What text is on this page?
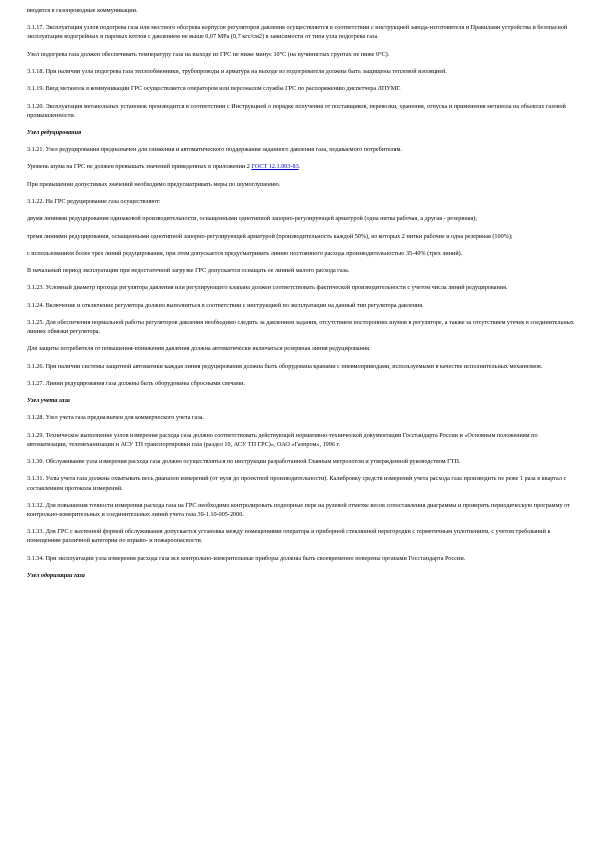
вводятся в газопроводные коммуникации.
3.1.17. Эксплуатация узлов подогрева газа или местного обогрева корпусов регуляторов давления осуществляется в соответствии с инструкцией завода-изготовителя и Правилами устройства и безопасной эксплуатации водогрейных и паровых котлов с давлением не выше 0,07 MPa (0,7 кгс/см2) в зависимости от типа узла подогрева газа.
Узел подогрева газа должен обеспечивать температуру газа на выходе из ГРС не ниже минус 10°С (на пучинистых грунтах не ниже 0°С).
3.1.18. При наличии узла подогрева газа теплообменники, трубопроводы и арматура на выходе из подогревателя должны быть защищены тепловой изоляцией.
3.1.19. Ввод метанола в коммуникации ГРС осуществляется оператором или персоналом службы ГРС по распоряжению диспетчера ЛПУМГ.
3.1.20. Эксплуатация метанольных установок производится в соответствии с Инструкцией о порядке получения от поставщиков, перевозки, хранения, отпуска и применения метанола на объектах газовой промышленности.
Узел редуцирования
3.1.21. Узел редуцирования предназначен для снижения и автоматического поддержания заданного давления газа, подаваемого потребителям.
Уровень шума на ГРС не должен превышать значений приведенных в приложении 2 ГОСТ 12.1.003-83.
При превышении допустимых значений необходимо предусматривать меры по шумоглушению.
3.1.22. На ГРС редуцирование газа осуществляют:
двумя линиями редуцирования одинаковой производительности, оснащенными однотипной запорно-регулирующей арматурой (одна нитка рабочая, а другая - резервная);
тремя линиями редуцирования, оснащенными однотипной запорно-регулирующей арматурой (производительность каждой 50%), из которых 2 нитки рабочие и одна резервная (100%);
с использованием более трех линий редуцирования, при этом допускается предусматривать линию постоянного расхода производительностью 35-40% (трех линий).
В начальный период эксплуатации при недостаточной загрузке ГРС допускается оснащать ее линией малого расхода газа.
3.1.23. Условный диаметр прохода регулятора давления или регулирующего клапана должен соответствовать фактической производительности с учетом числа линий редуцирования.
3.1.24. Включение и отключение регулятора должно выполняться в соответствии с инструкцией по эксплуатации на данный тип регулятора давления.
3.1.25. Для обеспечения нормальной работы регуляторов давления необходимо следить за давлением задания, отсутствием посторонних шумов в регуляторе, а также за отсутствием утечек в соединительных линиях обвязки регулятора.
Для защиты потребителя от повышения-понижения давления должна автоматически включаться резервная линия редуцирования.
3.1.26. При наличии системы защитной автоматики каждая линия редуцирования должна быть оборудована кранами с пневмоприводами, используемыми в качестве исполнительных механизмов.
3.1.27. Линии редуцирования газа должны быть оборудованы сбросными свечами.
Узел учета газа
3.1.28. Узел учета газа предназначен для коммерческого учета газа.
3.1.29. Техническое выполнение узлов измерения расхода газа должно соответствовать действующей нормативно-технической документации Госстандарта России и «Основным положениям по автоматизации, телемеханизации и АСУ ТП транспортировки газа (раздел 10, АСУ ТП ГРС)», ОАО «Газпром», 1996 г.
3.1.30. Обслуживание узла измерения расхода газа должно осуществляться по инструкции разработанной Главным метрологом и утвержденной руководством ГТП.
3.1.31. Узлы учета газа должны охватывать весь диапазон измерений (от нуля до проектной производительности). Калибровку средств измерений учета расхода газа производить не реже 1 раза в квартал с составлением протокола измерений.
3.1.32. Для повышения точности измерения расхода газа на ГРС необходимо контролировать подпорные пере на рулевой отметке весов сопоставления диаграммы и проверять периодическую программу от контрольно-измерительных и соединительных линий учета газа 39-1.10-005-2000.
3.1.33. Для ГРС с вахтенной формой обслуживания допускается установка между помещениями оператора и приборной стеклянной перегородки с герметичным уплотнением, с учетом требований к помещениям различной категории по взрыво- и пожароопасности.
3.1.34. При эксплуатации узла измерения расхода газа все контрольно-измерительные приборы должны быть своевременно поверены органами Госстандарта России.
Узел одоризации газа
